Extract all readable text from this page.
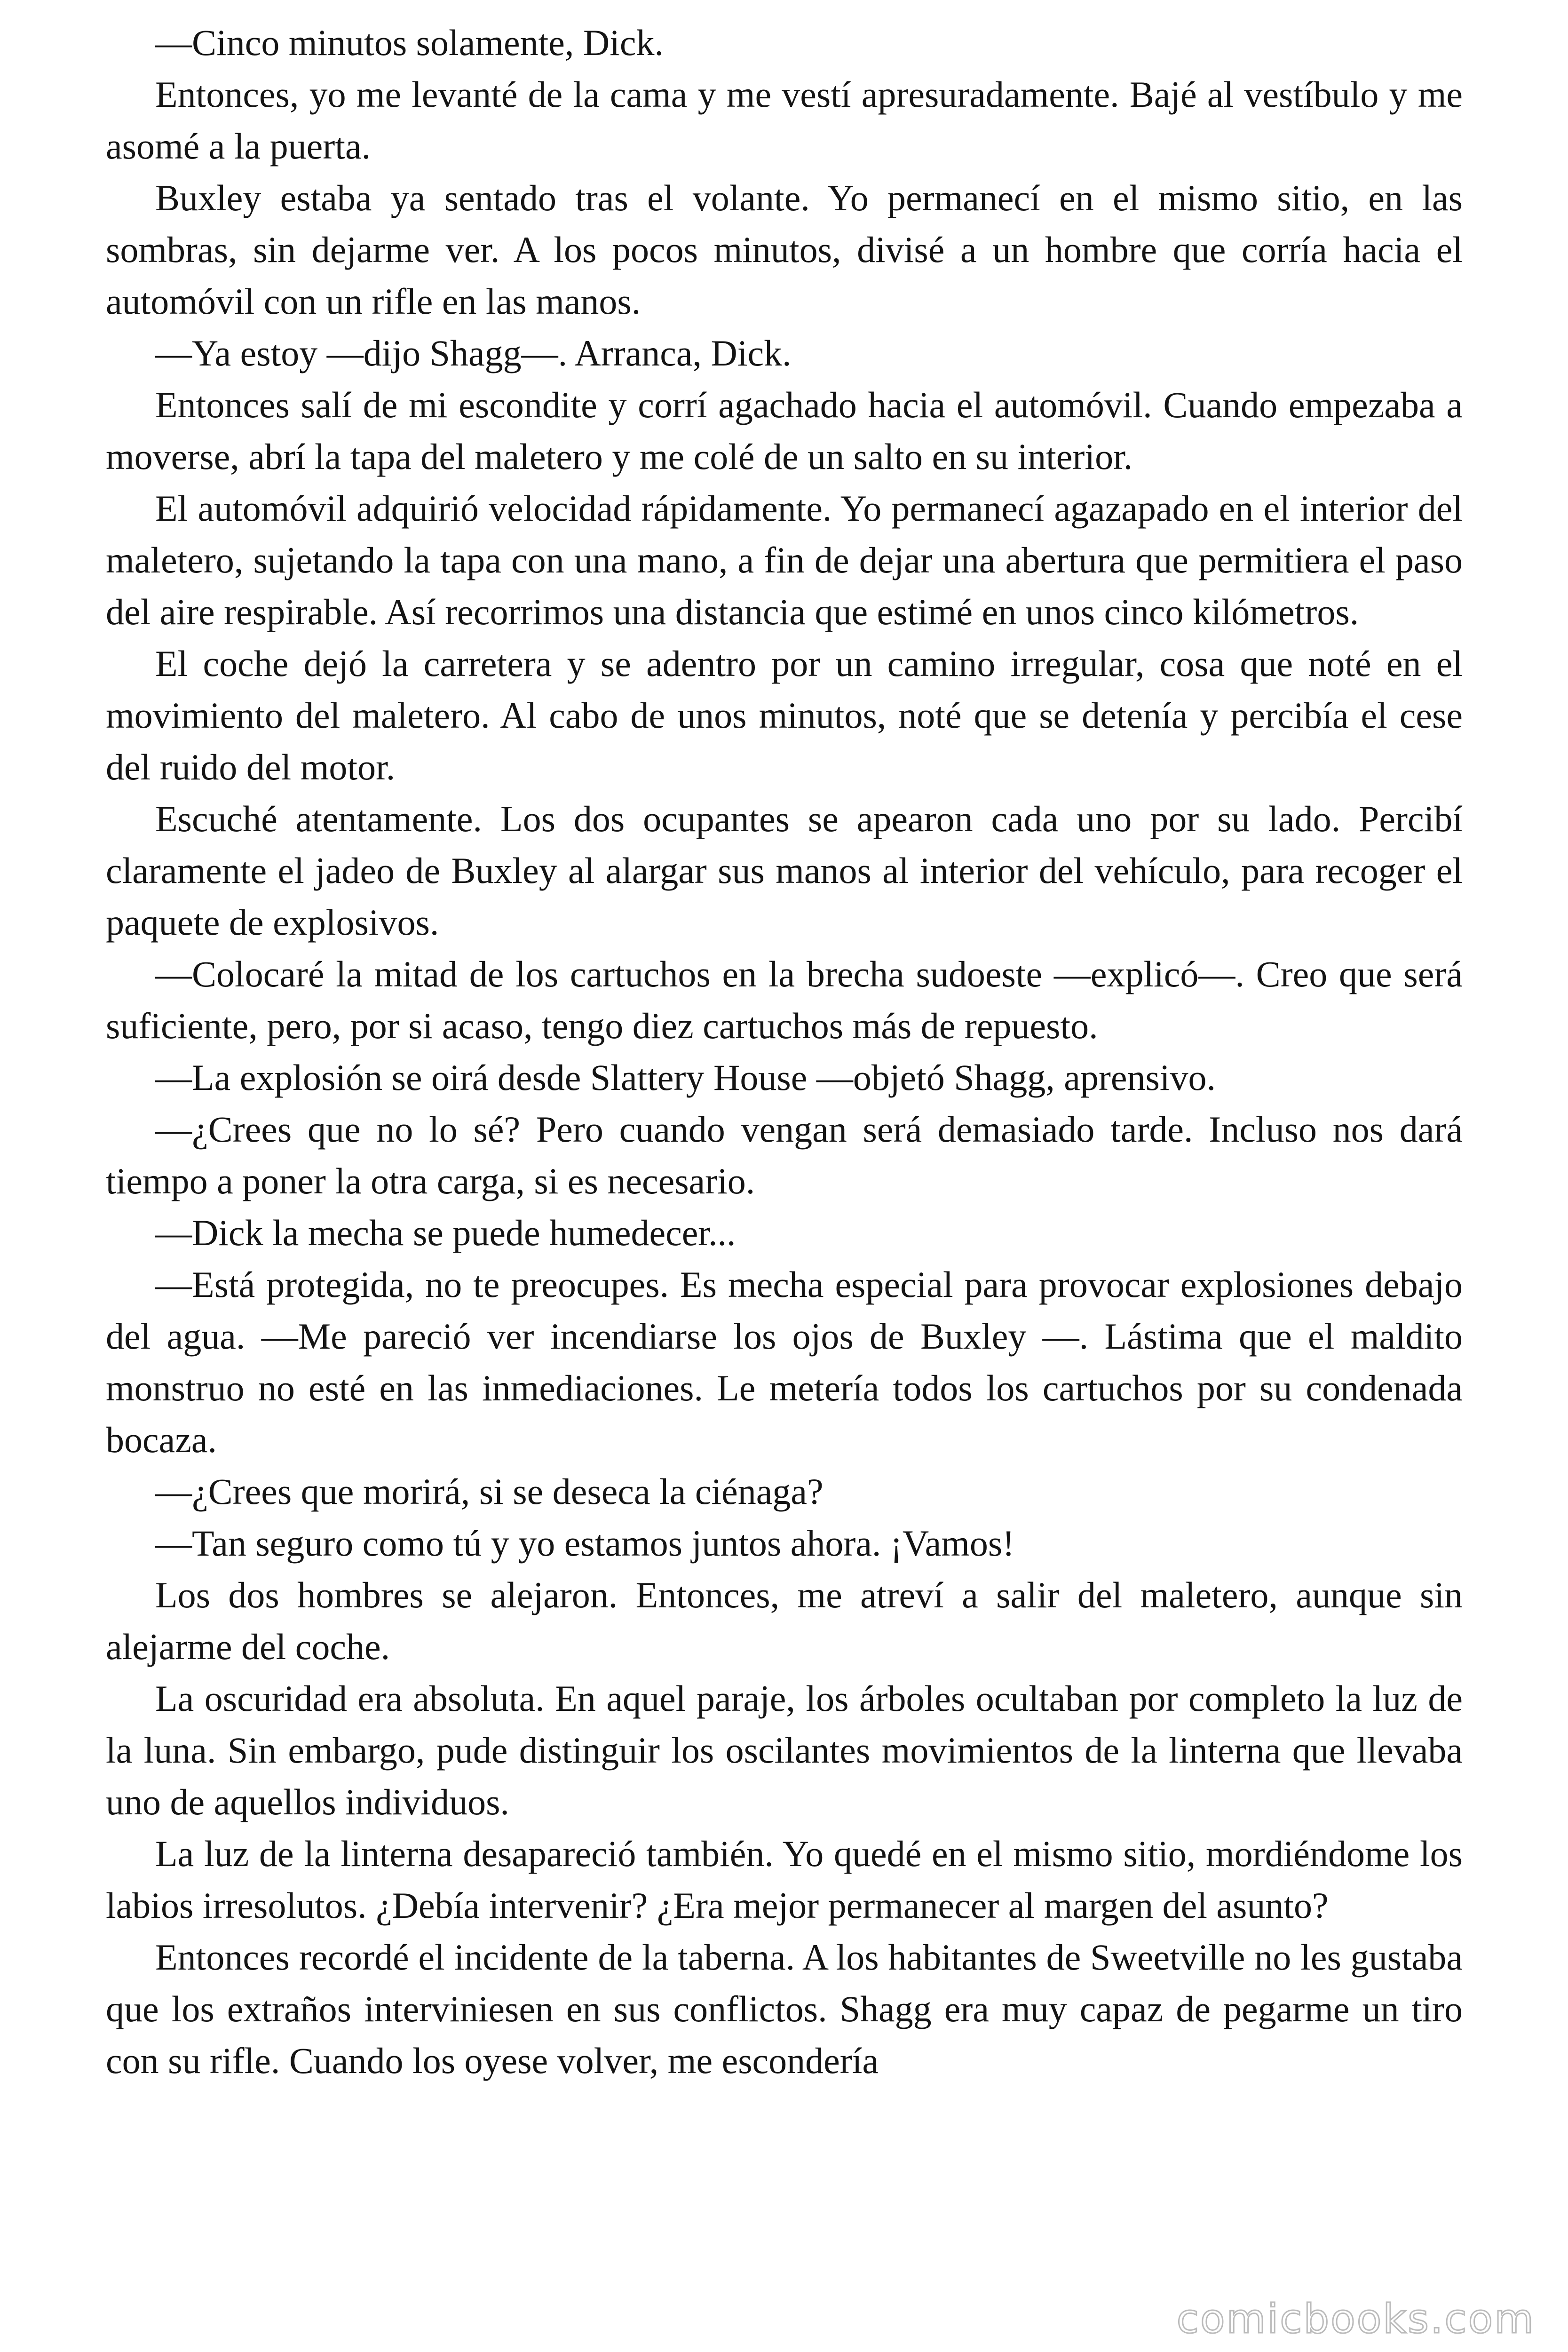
—Cinco minutos solamente, Dick.

Entonces, yo me levanté de la cama y me vestí apresuradamente. Bajé al vestíbulo y me asomé a la puerta.

Buxley estaba ya sentado tras el volante. Yo permanecí en el mismo sitio, en las sombras, sin dejarme ver. A los pocos minutos, divisé a un hombre que corría hacia el automóvil con un rifle en las manos.

—Ya estoy —dijo Shagg—. Arranca, Dick.

Entonces salí de mi escondite y corrí agachado hacia el automóvil. Cuando empezaba a moverse, abrí la tapa del maletero y me colé de un salto en su interior.

El automóvil adquirió velocidad rápidamente. Yo permanecí agazapado en el interior del maletero, sujetando la tapa con una mano, a fin de dejar una abertura que permitiera el paso del aire respirable. Así recorrimos una distancia que estimé en unos cinco kilómetros.

El coche dejó la carretera y se adentro por un camino irregular, cosa que noté en el movimiento del maletero. Al cabo de unos minutos, noté que se detenía y percibía el cese del ruido del motor.

Escuché atentamente. Los dos ocupantes se apearon cada uno por su lado. Percibí claramente el jadeo de Buxley al alargar sus manos al interior del vehículo, para recoger el paquete de explosivos.

—Colocaré la mitad de los cartuchos en la brecha sudoeste —explicó—. Creo que será suficiente, pero, por si acaso, tengo diez cartuchos más de repuesto.

—La explosión se oirá desde Slattery House —objetó Shagg, aprensivo.

—¿Crees que no lo sé? Pero cuando vengan será demasiado tarde. Incluso nos dará tiempo a poner la otra carga, si es necesario.

—Dick la mecha se puede humedecer...

—Está protegida, no te preocupes. Es mecha especial para provocar explosiones debajo del agua. —Me pareció ver incendiarse los ojos de Buxley —. Lástima que el maldito monstruo no esté en las inmediaciones. Le metería todos los cartuchos por su condenada bocaza.

—¿Crees que morirá, si se deseca la ciénaga?

—Tan seguro como tú y yo estamos juntos ahora. ¡Vamos!

Los dos hombres se alejaron. Entonces, me atreví a salir del maletero, aunque sin alejarme del coche.

La oscuridad era absoluta. En aquel paraje, los árboles ocultaban por completo la luz de la luna. Sin embargo, pude distinguir los oscilantes movimientos de la linterna que llevaba uno de aquellos individuos.

La luz de la linterna desapareció también. Yo quedé en el mismo sitio, mordiéndome los labios irresolutos. ¿Debía intervenir? ¿Era mejor permanecer al margen del asunto?

Entonces recordé el incidente de la taberna. A los habitantes de Sweetville no les gustaba que los extraños interviniesen en sus conflictos. Shagg era muy capaz de pegarme un tiro con su rifle. Cuando los oyese volver, me escondería

comicbooks.com
